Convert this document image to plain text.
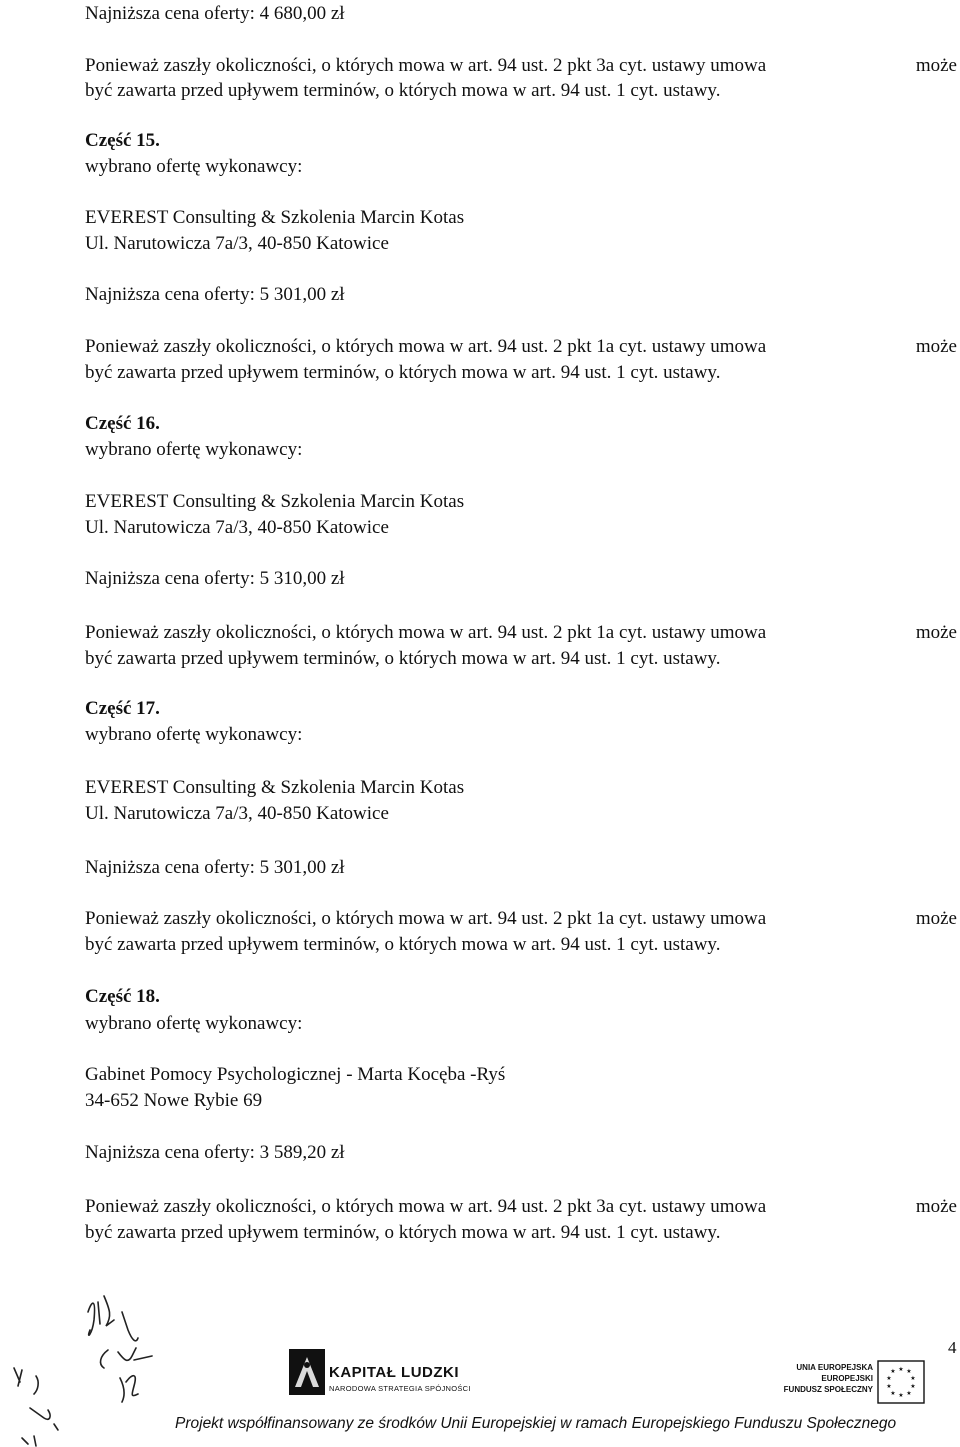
Najniższa cena oferty: 4 680,00 zł
Ponieważ zaszły okoliczności, o których mowa w art. 94 ust. 2 pkt 3a cyt. ustawy umowa	może
być zawarta przed upływem terminów, o których mowa w art. 94 ust. 1 cyt. ustawy.
Część 15.
wybrano ofertę wykonawcy:
EVEREST Consulting & Szkolenia Marcin Kotas
Ul. Narutowicza 7a/3, 40-850 Katowice
Najniższa cena oferty: 5 301,00 zł
Ponieważ zaszły okoliczności, o których mowa w art. 94 ust. 2 pkt 1a cyt. ustawy umowa	może
być zawarta przed upływem terminów, o których mowa w art. 94 ust. 1 cyt. ustawy.
Część 16.
wybrano ofertę wykonawcy:
EVEREST Consulting & Szkolenia Marcin Kotas
Ul. Narutowicza 7a/3, 40-850 Katowice
Najniższa cena oferty: 5 310,00 zł
Ponieważ zaszły okoliczności, o których mowa w art. 94 ust. 2 pkt 1a cyt. ustawy umowa	może
być zawarta przed upływem terminów, o których mowa w art. 94 ust. 1 cyt. ustawy.
Część 17.
wybrano ofertę wykonawcy:
EVEREST Consulting & Szkolenia Marcin Kotas
Ul. Narutowicza 7a/3, 40-850 Katowice
Najniższa cena oferty: 5 301,00 zł
Ponieważ zaszły okoliczności, o których mowa w art. 94 ust. 2 pkt 1a cyt. ustawy umowa	może
być zawarta przed upływem terminów, o których mowa w art. 94 ust. 1 cyt. ustawy.
Część 18.
wybrano ofertę wykonawcy:
Gabinet Pomocy Psychologicznej - Marta Kocęba -Ryś
34-652 Nowe Rybie 69
Najniższa cena oferty: 3 589,20 zł
Ponieważ zaszły okoliczności, o których mowa w art. 94 ust. 2 pkt 3a cyt. ustawy umowa	może
być zawarta przed upływem terminów, o których mowa w art. 94 ust. 1 cyt. ustawy.
KAPITAŁ LUDZKI
NARODOWA STRATEGIA SPÓJNOŚCI
UNIA EUROPEJSKA
EUROPEJSKI
FUNDUSZ SPOŁECZNY
★ ★
★
★
★
★
★
★
★
★
4
Projekt współfinansowany ze środków Unii Europejskiej w ramach Europejskiego Funduszu Społecznego
